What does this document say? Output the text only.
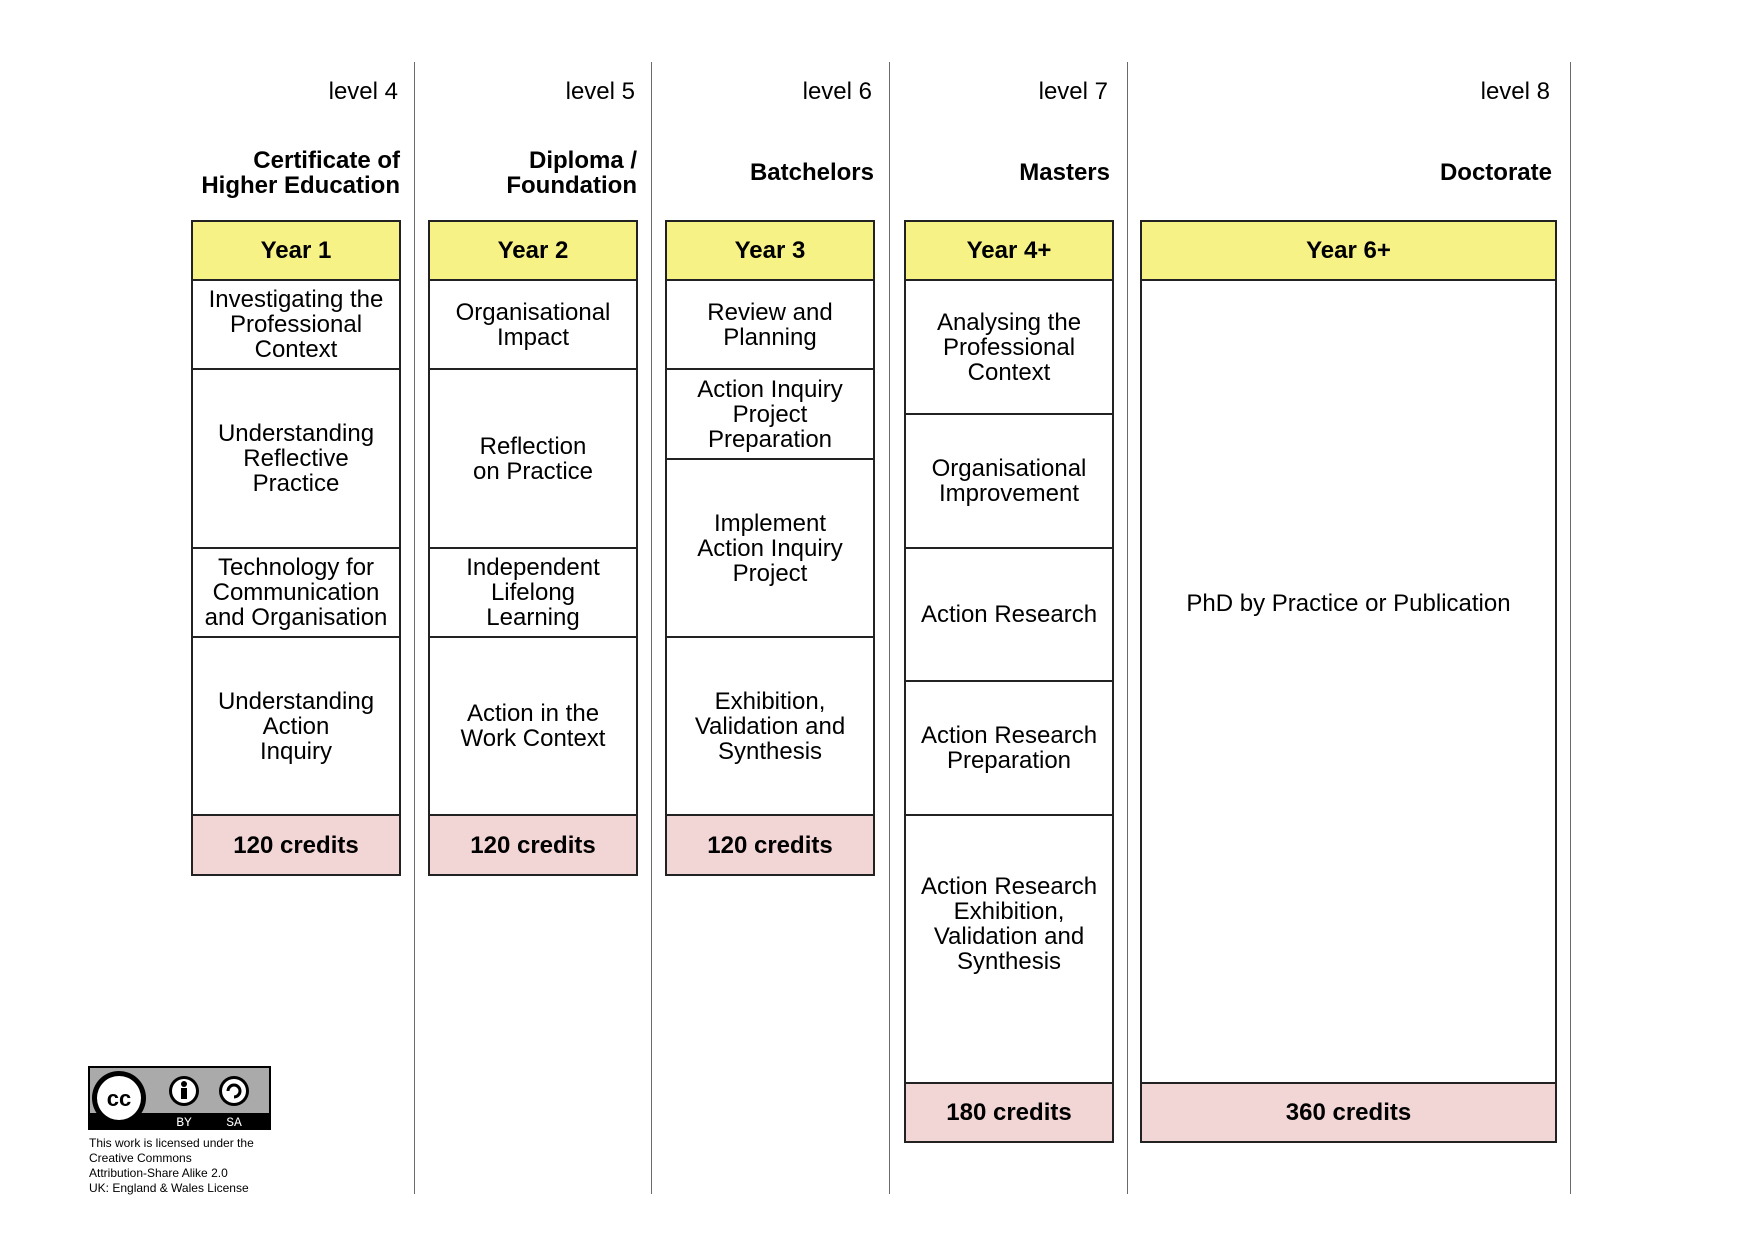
level 4
Certificate of
Higher Education
Year 1
Investigating the
Professional
Context
Understanding
Reflective
Practice
Technology for
Communication
and Organisation
Understanding
Action
Inquiry
120 credits
level 5
Diploma /
Foundation
Year 2
Organisational
Impact
Reflection
on Practice
Independent
Lifelong
Learning
Action in the
Work Context
120 credits
level 6
Batchelors
Year 3
Review and
Planning
Action Inquiry
Project
Preparation
Implement
Action Inquiry
Project
Exhibition,
Validation and
Synthesis
120 credits
level 7
Masters
Year 4+
Analysing the
Professional
Context
Organisational
Improvement
Action Research
Action Research
Preparation
Action Research
Exhibition,
Validation and
Synthesis
180 credits
level 8
Doctorate
Year 6+
PhD by Practice or Publication
360 credits
cc
BY	SA
This work is licensed under the
Creative Commons
Attribution-Share Alike 2.0
UK: England & Wales License
